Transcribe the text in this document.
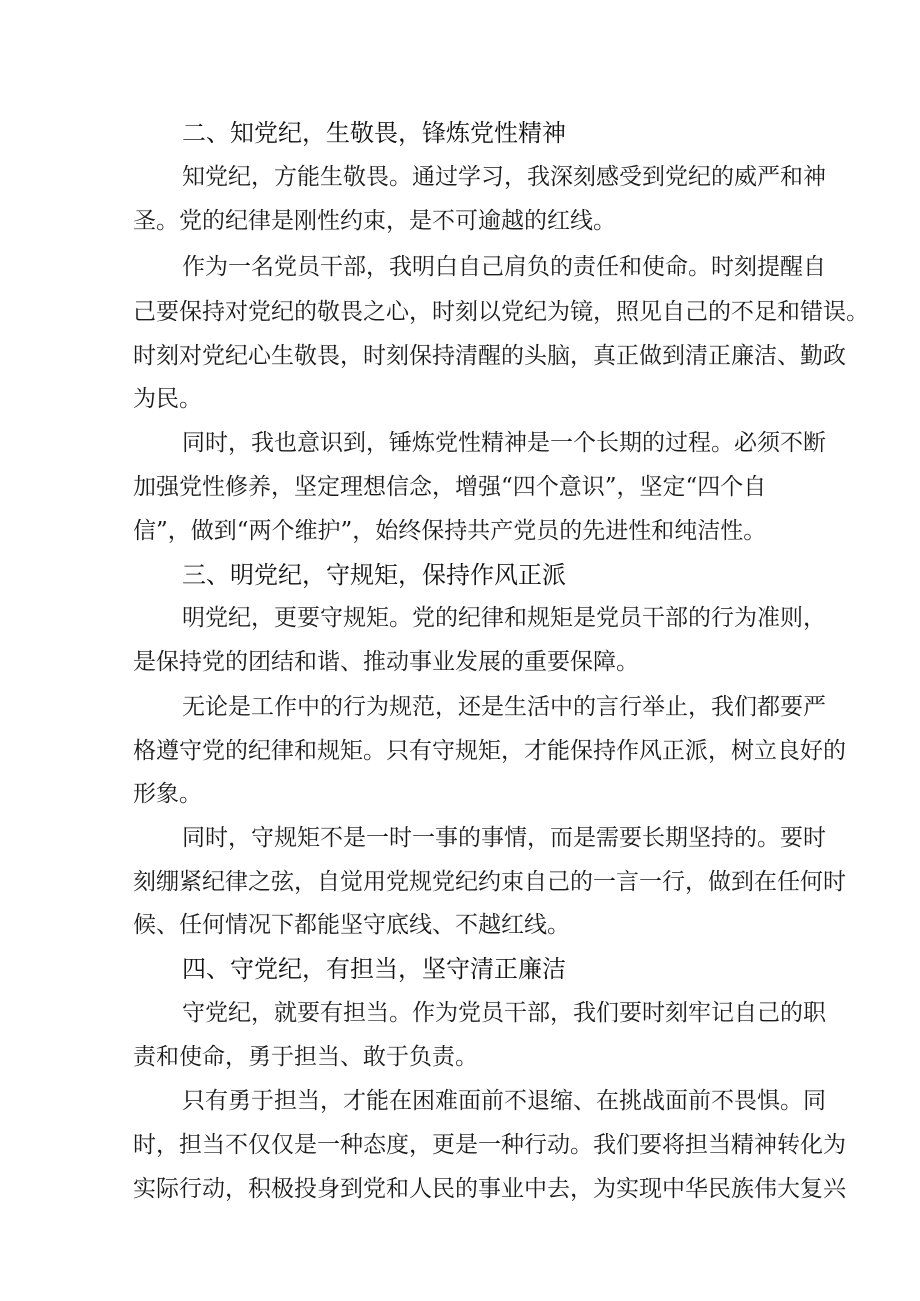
二、知党纪，生敬畏，锋炼党性精神
知党纪，方能生敬畏。通过学习，我深刻感受到党纪的威严和神
圣。党的纪律是刚性约束，是不可逾越的红线。
作为一名党员干部，我明白自己肩负的责任和使命。时刻提醒自
己要保持对党纪的敬畏之心，时刻以党纪为镜，照见自己的不足和错误。
时刻对党纪心生敬畏，时刻保持清醒的头脑，真正做到清正廉洁、勤政
为民。
同时，我也意识到，锤炼党性精神是一个长期的过程。必须不断
加强党性修养，坚定理想信念，增强“四个意识”，坚定“四个自
信”，做到“两个维护”，始终保持共产党员的先进性和纯洁性。
三、明党纪，守规矩，保持作风正派
明党纪，更要守规矩。党的纪律和规矩是党员干部的行为准则，
是保持党的团结和谐、推动事业发展的重要保障。
无论是工作中的行为规范，还是生活中的言行举止，我们都要严
格遵守党的纪律和规矩。只有守规矩，才能保持作风正派，树立良好的
形象。
同时，守规矩不是一时一事的事情，而是需要长期坚持的。要时
刻绷紧纪律之弦，自觉用党规党纪约束自己的一言一行，做到在任何时
候、任何情况下都能坚守底线、不越红线。
四、守党纪，有担当，坚守清正廉洁
守党纪，就要有担当。作为党员干部，我们要时刻牢记自己的职
责和使命，勇于担当、敢于负责。
只有勇于担当，才能在困难面前不退缩、在挑战面前不畏惧。同
时，担当不仅仅是一种态度，更是一种行动。我们要将担当精神转化为
实际行动，积极投身到党和人民的事业中去，为实现中华民族伟大复兴
